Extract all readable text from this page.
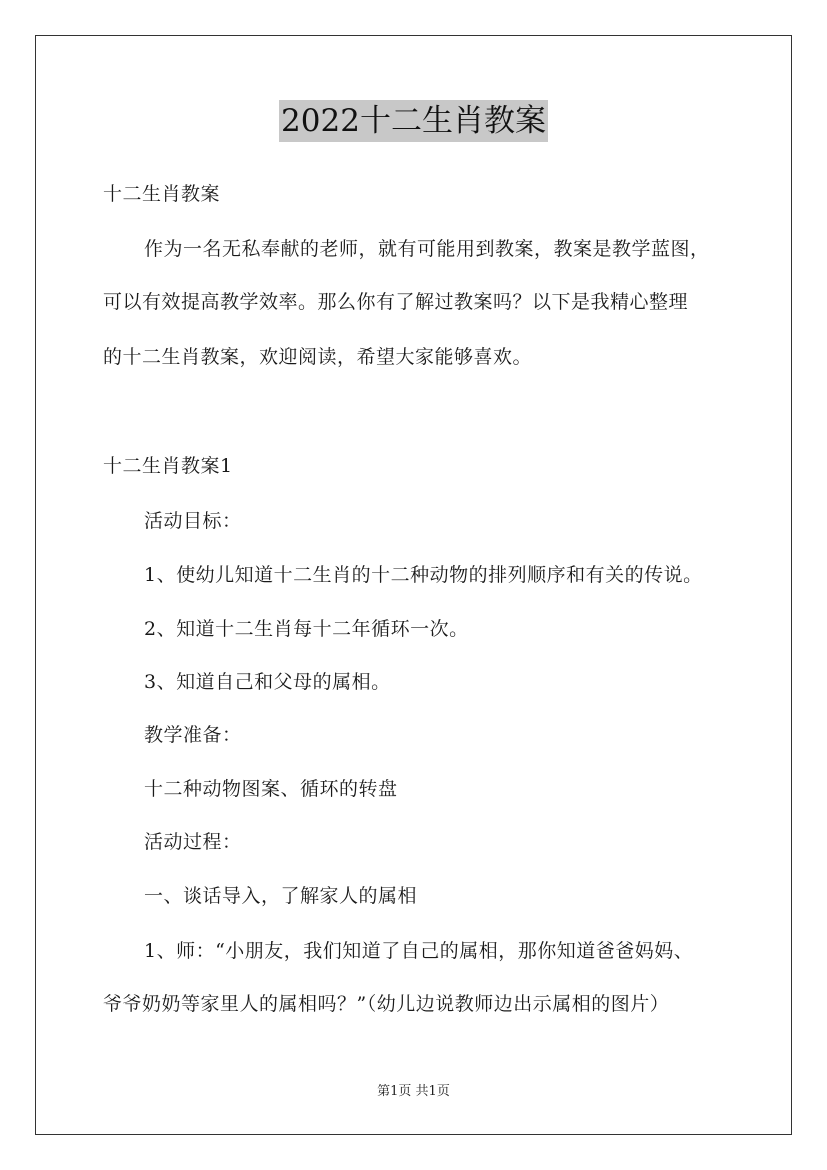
2022十二生肖教案
十二生肖教案
作为一名无私奉献的老师，就有可能用到教案，教案是教学蓝图，
可以有效提高教学效率。那么你有了解过教案吗？以下是我精心整理
的十二生肖教案，欢迎阅读，希望大家能够喜欢。
十二生肖教案1
活动目标：
1、使幼儿知道十二生肖的十二种动物的排列顺序和有关的传说。
2、知道十二生肖每十二年循环一次。
3、知道自己和父母的属相。
教学准备：
十二种动物图案、循环的转盘
活动过程：
一、谈话导入，了解家人的属相
1、师：“小朋友，我们知道了自己的属相，那你知道爸爸妈妈、
爷爷奶奶等家里人的属相吗？”（幼儿边说教师边出示属相的图片）
第1页 共1页
